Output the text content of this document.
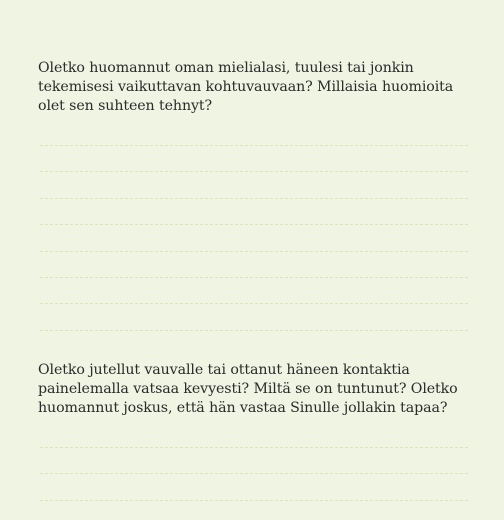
Oletko huomannut oman mielialasi, tuulesi tai jonkin tekemisesi vaikuttavan kohtuvauvaan? Millaisia huomioita olet sen suhteen tehnyt?

Oletko jutellut vauvalle tai ottanut häneen kontaktia painelemalla vatsaa kevyesti? Miltä se on tuntunut? Oletko huomannut joskus, että hän vastaa Sinulle jollakin tapaa?
